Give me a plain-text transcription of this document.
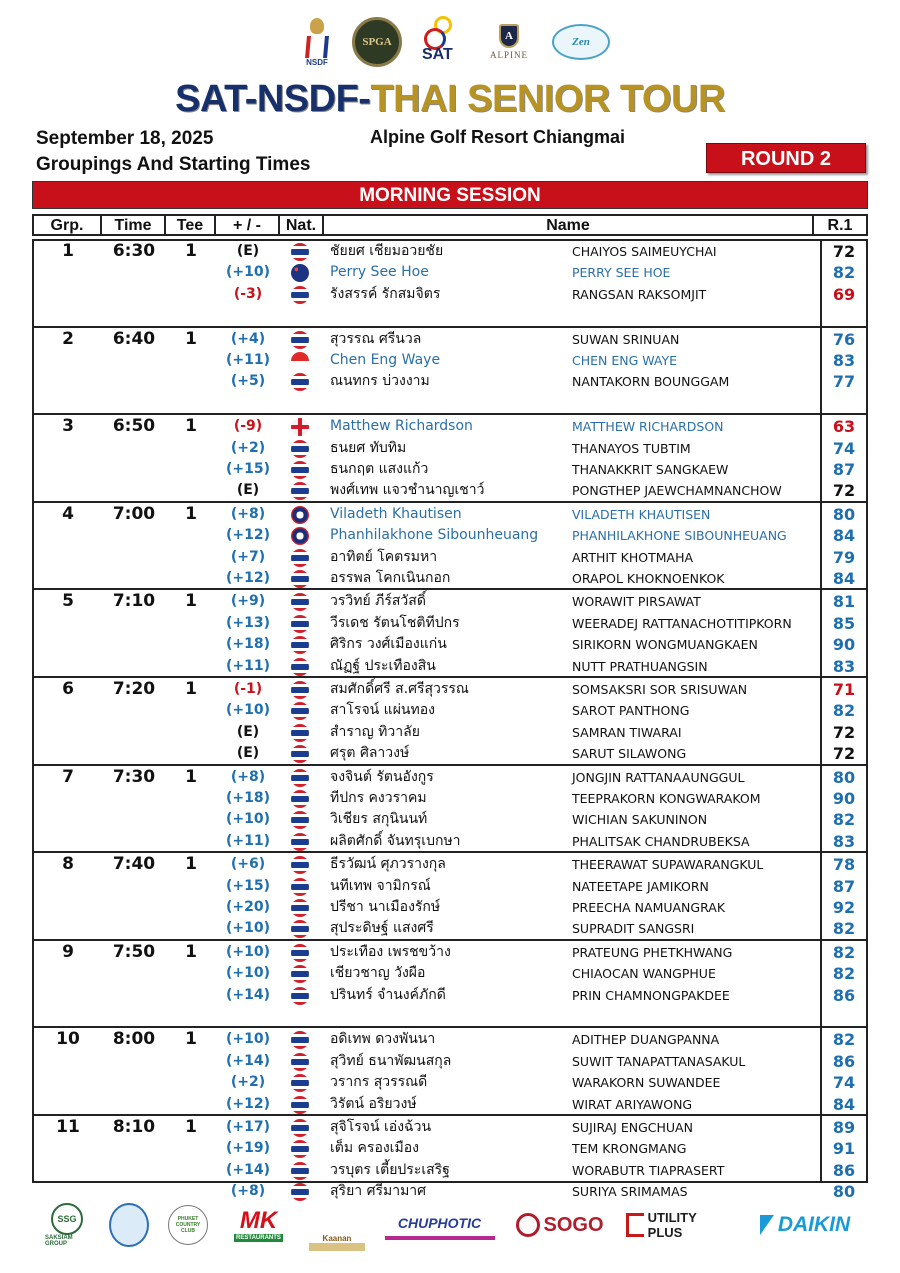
NSDF
SPGA
SAT
A
ALPINE
Zen
SAT-NSDF-THAI SENIOR TOUR
September 18, 2025
Groupings And Starting Times
Alpine Golf Resort Chiangmai
ROUND 2
MORNING SESSION
Grp.	Time	Tee	+ / -	Nat.	Name	R.1
1	6:30	1	(E)	ชัยยศ เชียมอวยชัย	CHAIYOS SAIMEUYCHAI	72
(+10)	Perry See Hoe	PERRY SEE HOE	82
(-3)	รังสรรค์ รักสมจิตร	RANGSAN RAKSOMJIT	69
2	6:40	1	(+4)	สุวรรณ ศรีนวล	SUWAN SRINUAN	76
(+11)	Chen Eng Waye	CHEN ENG WAYE	83
(+5)	ณนทกร บ่วงงาม	NANTAKORN BOUNGGAM	77
3	6:50	1	(-9)	Matthew Richardson	MATTHEW RICHARDSON	63
(+2)	ธนยศ ทับทิม	THANAYOS TUBTIM	74
(+15)	ธนกฤต แสงแก้ว	THANAKKRIT SANGKAEW	87
(E)	พงศ์เทพ แจวชำนาญเชาว์	PONGTHEP JAEWCHAMNANCHOW	72
4	7:00	1	(+8)	Viladeth Khautisen	VILADETH KHAUTISEN	80
(+12)	Phanhilakhone Sibounheuang	PHANHILAKHONE SIBOUNHEUANG	84
(+7)	อาทิตย์ โคตรมหา	ARTHIT KHOTMAHA	79
(+12)	อรรพล โคกเนินกอก	ORAPOL KHOKNOENKOK	84
5	7:10	1	(+9)	วรวิทย์ ภีร์สวัสดิ์	WORAWIT PIRSAWAT	81
(+13)	วีรเดช รัตนโชติทีปกร	WEERADEJ RATTANACHOTITIPKORN	85
(+18)	ศิริกร วงศ์เมืองแก่น	SIRIKORN WONGMUANGKAEN	90
(+11)	ณัฏฐ์ ประเทืองสิน	NUTT PRATHUANGSIN	83
6	7:20	1	(-1)	สมศักดิ์ศรี ส.ศรีสุวรรณ	SOMSAKSRI SOR SRISUWAN	71
(+10)	สาโรจน์ แผ่นทอง	SAROT PANTHONG	82
(E)	สำราญ ทิวาลัย	SAMRAN TIWARAI	72
(E)	ศรุต ศิลาวงษ์	SARUT SILAWONG	72
7	7:30	1	(+8)	จงจินต์ รัตนอังกูร	JONGJIN RATTANAAUNGGUL	80
(+18)	ทีปกร คงวราคม	TEEPRAKORN KONGWARAKOM	90
(+10)	วิเชียร สกุนินนท์	WICHIAN SAKUNINON	82
(+11)	ผลิตศักดิ์ จันทรุเบกษา	PHALITSAK CHANDRUBEKSA	83
8	7:40	1	(+6)	ธีรวัฒน์ ศุภวรางกุล	THEERAWAT SUPAWARANGKUL	78
(+15)	นทีเทพ จามิกรณ์	NATEETAPE JAMIKORN	87
(+20)	ปรีชา นาเมืองรักษ์	PREECHA NAMUANGRAK	92
(+10)	สุประดิษฐ์ แสงศรี	SUPRADIT SANGSRI	82
9	7:50	1	(+10)	ประเทือง เพรชขว้าง	PRATEUNG PHETKHWANG	82
(+10)	เชียวชาญ วังผือ	CHIAOCAN WANGPHUE	82
(+14)	ปรินทร์ จำนงค์ภักดี	PRIN CHAMNONGPAKDEE	86
10	8:00	1	(+10)	อดิเทพ ดวงพันนา	ADITHEP DUANGPANNA	82
(+14)	สุวิทย์ ธนาพัฒนสกุล	SUWIT TANAPATTANASAKUL	86
(+2)	วรากร สุวรรณดี	WARAKORN SUWANDEE	74
(+12)	วิรัตน์ อริยวงษ์	WIRAT ARIYAWONG	84
11	8:10	1	(+17)	สุจิโรจน์ เอ่งฉ้วน	SUJIRAJ ENGCHUAN	89
(+19)	เต็ม ครองเมือง	TEM KRONGMANG	91
(+14)	วรบุตร เตี้ยประเสริฐ	WORABUTR TIAPRASERT	86
(+8)	สุริยา ศรีมามาศ	SURIYA SRIMAMAS	80
SSG
SAKSIAM GROUP
PHUKET COUNTRY CLUB	MK
RESTAURANTS	Kaanan
CHUPHOTIC	SOGO	UTILITY PLUS	DAIKIN
